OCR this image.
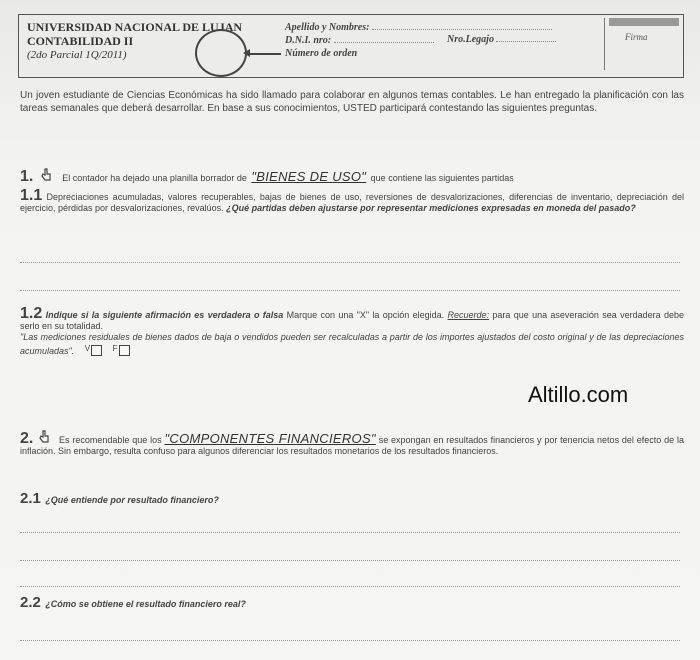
UNIVERSIDAD NACIONAL DE LUJAN
CONTABILIDAD II
(2do Parcial 1Q/2011)
Apellido y Nombres:
D.N.I. nro:
Número de orden
Nro.Legajo	Firma

Un joven estudiante de Ciencias Económicas ha sido llamado para colaborar en algunos temas contables. Le han entregado la planificación con las tareas semanales que deberá desarrollar. En base a sus conocimientos, USTED participará contestando las siguientes preguntas.

1.	El contador ha dejado una planilla borrador de "BIENES DE USO" que contiene las siguientes partidas
1.1 Depreciaciones acumuladas, valores recuperables, bajas de bienes de uso, reversiones de desvalorizaciones, diferencias de inventario, depreciación del ejercicio, pérdidas por desvalorizaciones, revalúos. ¿Qué partidas deben ajustarse por representar mediciones expresadas en moneda del pasado?
1.2 Indique si la siguiente afirmación es verdadera o falsa Marque con una "X" la opción elegida. Recuerde: para que una aseveración sea verdadera debe serlo en su totalidad.
"Las mediciones residuales de bienes dados de baja o vendidos pueden ser recalculadas a partir de los importes ajustados del costo original y de las depreciaciones acumuladas". V	F
Altillo.com
2.	Es recomendable que los "COMPONENTES FINANCIEROS" se expongan en resultados financieros y por tenencia netos del efecto de la inflación. Sin embargo, resulta confuso para algunos diferenciar los resultados monetarios de los resultados financieros.
2.1 ¿Qué entiende por resultado financiero?
2.2 ¿Cómo se obtiene el resultado financiero real?
